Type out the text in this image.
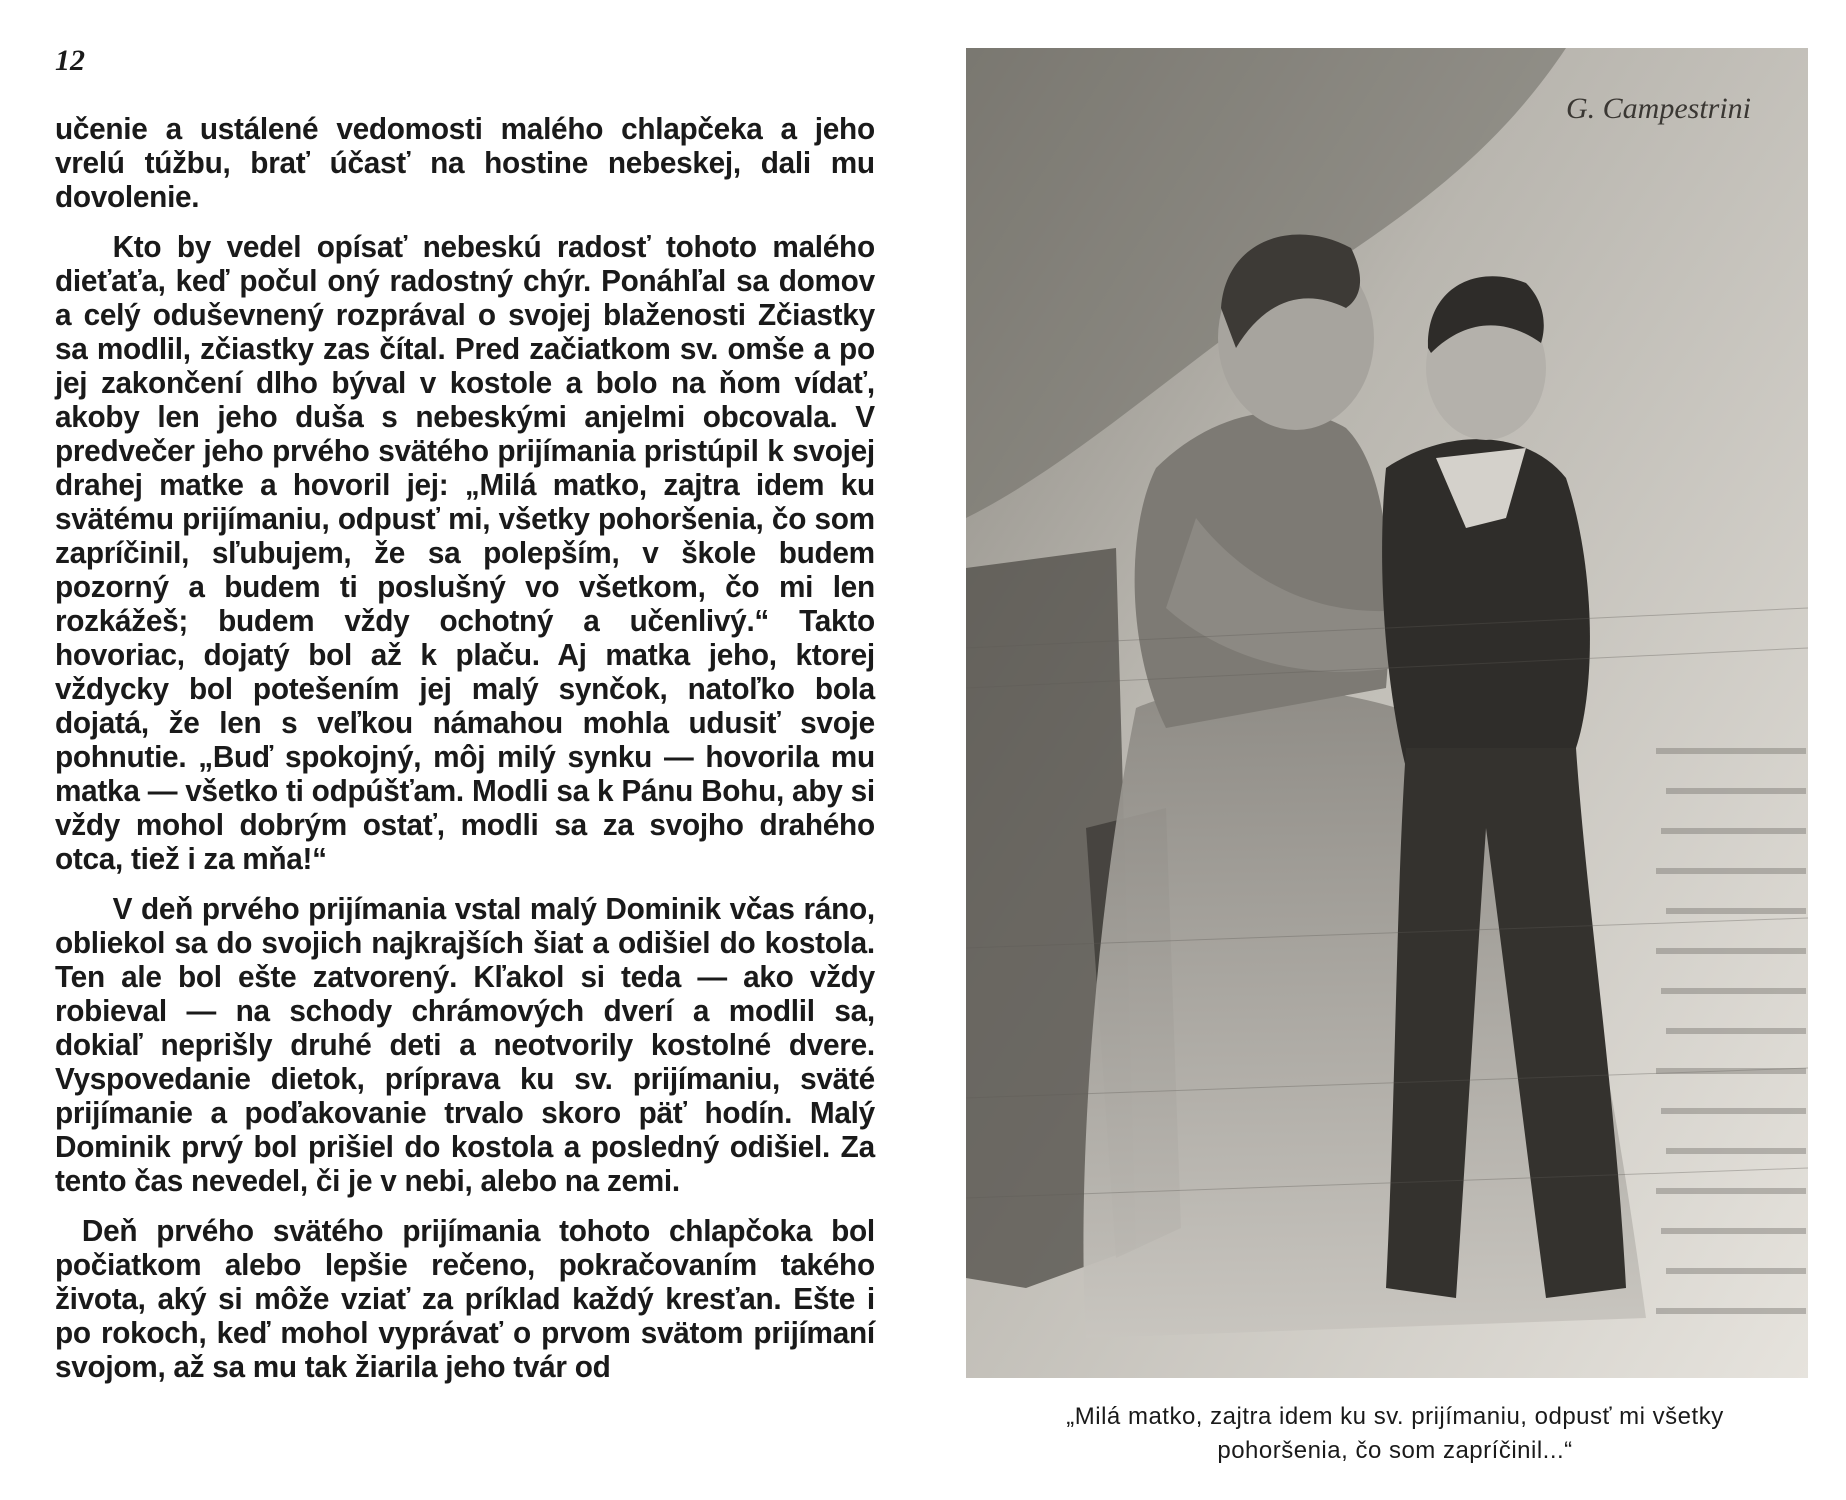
12

učenie a ustálené vedomosti malého chlapčeka a jeho vrelú túžbu, brať účasť na hostine nebeskej, dali mu dovolenie.

Kto by vedel opísať nebeskú radosť tohoto malého dieťaťa, keď počul oný radostný chýr. Ponáhľal sa domov a celý oduševnený rozprával o svojej blaženosti Zčiastky sa modlil, zčiastky zas čítal. Pred začiatkom sv. omše a po jej zakončení dlho býval v kostole a bolo na ňom vídať, akoby len jeho duša s nebeskými anjelmi obcovala. V predvečer jeho prvého svätého prijímania pristúpil k svojej drahej matke a hovoril jej: „Milá matko, zajtra idem ku svätému prijímaniu, odpusť mi, všetky pohoršenia, čo som zapríčinil, sľubujem, že sa polepším, v škole budem pozorný a budem ti poslušný vo všetkom, čo mi len rozkážeš; budem vždy ochotný a učenlivý.“ Takto hovoriac, dojatý bol až k plaču. Aj matka jeho, ktorej vždycky bol potešením jej malý synčok, natoľko bola dojatá, že len s veľkou námahou mohla udusiť svoje pohnutie. „Buď spokojný, môj milý synku — hovorila mu matka — všetko ti odpúšťam. Modli sa k Pánu Bohu, aby si vždy mohol dobrým ostať, modli sa za svojho drahého otca, tiež i za mňa!“

V deň prvého prijímania vstal malý Dominik včas ráno, obliekol sa do svojich najkrajších šiat a odišiel do kostola. Ten ale bol ešte zatvorený. Kľakol si teda — ako vždy robieval — na schody chrámových dverí a modlil sa, dokiaľ neprišly druhé deti a neotvorily kostolné dvere. Vyspovedanie dietok, príprava ku sv. prijímaniu, sväté prijímanie a poďakovanie trvalo skoro päť hodín. Malý Dominik prvý bol prišiel do kostola a posledný odišiel. Za tento čas nevedel, či je v nebi, alebo na zemi.

Deň prvého svätého prijímania tohoto chlapčoka bol počiatkom alebo lepšie rečeno, pokračovaním takého života, aký si môže vziať za príklad každý kresťan. Ešte i po rokoch, keď mohol vyprávať o prvom svätom prijímaní svojom, až sa mu tak žiarila jeho tvár od

G. Campestrini
„Milá matko, zajtra idem ku sv. prijímaniu, odpusť mi všetky
pohoršenia, čo som zapríčinil...“
